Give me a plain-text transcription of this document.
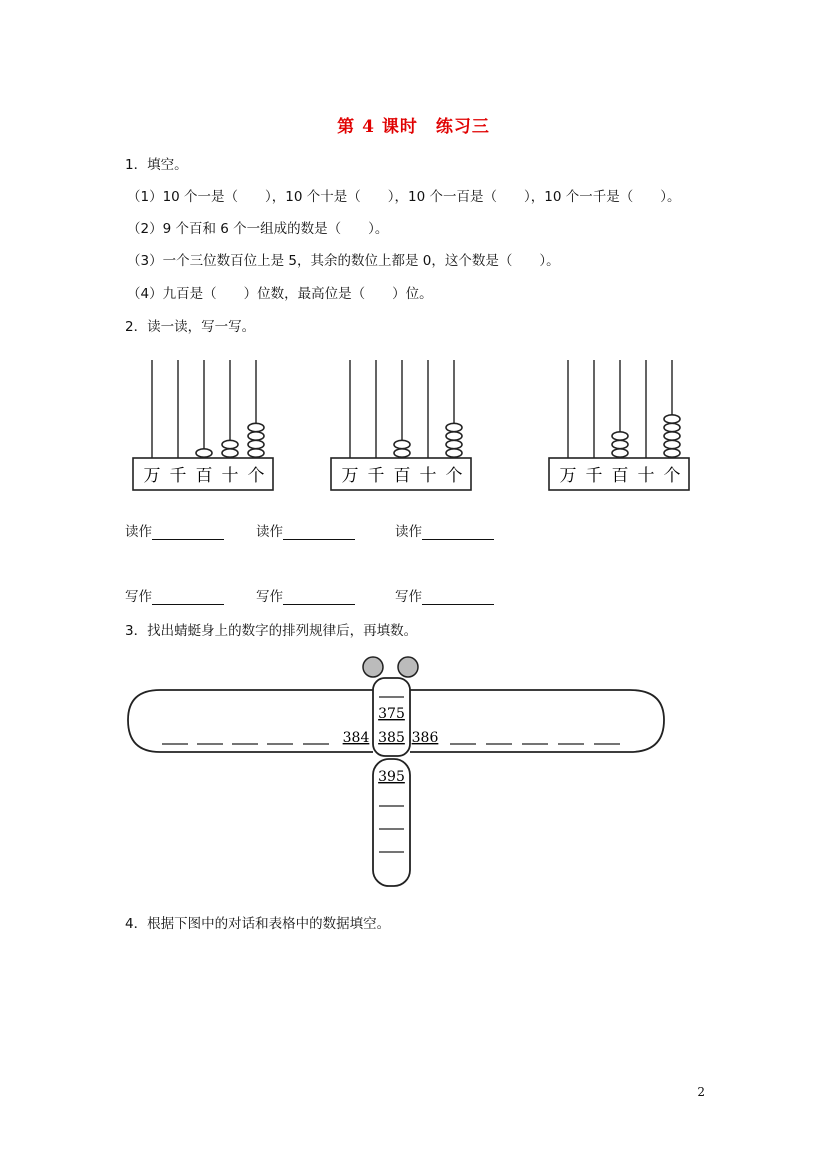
第 4 课时　练习三
1．填空。
（1）10 个一是（　　），10 个十是（　　），10 个一百是（　　），10 个一千是（　　）。
（2）9 个百和 6 个一组成的数是（　　）。
（3）一个三位数百位上是 5，其余的数位上都是 0，这个数是（　　）。
（4）九百是（　　）位数，最高位是（　　）位。
2．读一读，写一写。
万 千 百 十 个	万 千 百 十 个	万 千 百 十 个
375
385
384	386
395
读作	读作	读作
写作	写作	写作
3．找出蜻蜓身上的数字的排列规律后，再填数。
4．根据下图中的对话和表格中的数据填空。
2
